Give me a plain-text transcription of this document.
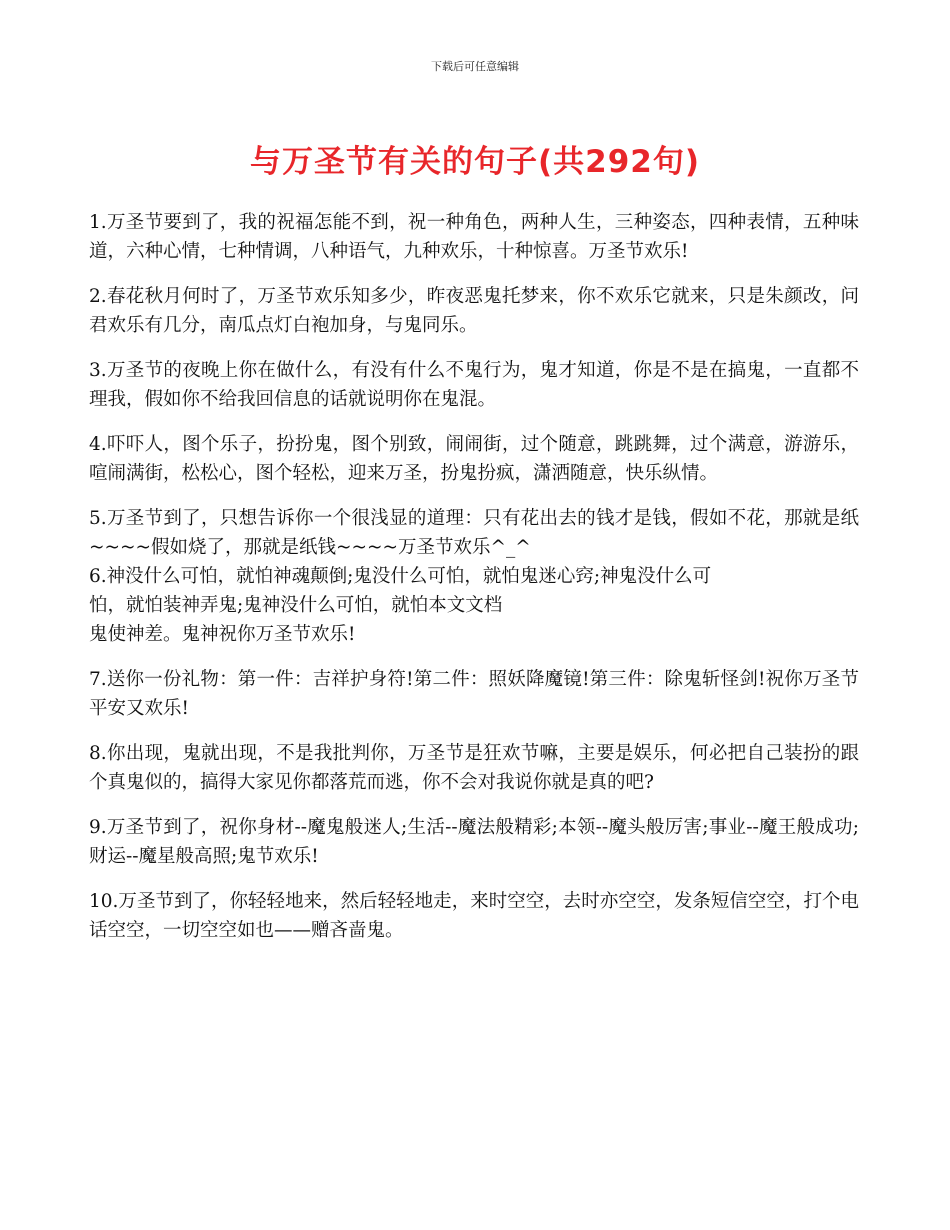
下载后可任意编辑
与万圣节有关的句子(共292句)

1.万圣节要到了，我的祝福怎能不到，祝一种角色，两种人生，三种姿态，四种表情，五种味道，六种心情，七种情调，八种语气，九种欢乐，十种惊喜。万圣节欢乐!

2.春花秋月何时了，万圣节欢乐知多少，昨夜恶鬼托梦来，你不欢乐它就来，只是朱颜改，问君欢乐有几分，南瓜点灯白袍加身，与鬼同乐。

3.万圣节的夜晚上你在做什么，有没有什么不鬼行为，鬼才知道，你是不是在搞鬼，一直都不理我，假如你不给我回信息的话就说明你在鬼混。

4.吓吓人，图个乐子，扮扮鬼，图个别致，闹闹街，过个随意，跳跳舞，过个满意，游游乐，喧闹满街，松松心，图个轻松，迎来万圣，扮鬼扮疯，潇洒随意，快乐纵情。

5.万圣节到了，只想告诉你一个很浅显的道理：只有花出去的钱才是钱，假如不花，那就是纸~~~~假如烧了，那就是纸钱~~~~万圣节欢乐^_^

6.神没什么可怕，就怕神魂颠倒;鬼没什么可怕，就怕鬼迷心窍;神鬼没什么可
怕，就怕装神弄鬼;鬼神没什么可怕，就怕本文文档
鬼使神差。鬼神祝你万圣节欢乐!

7.送你一份礼物：第一件：吉祥护身符!第二件：照妖降魔镜!第三件：除鬼斩怪剑!祝你万圣节平安又欢乐!

8.你出现，鬼就出现，不是我批判你，万圣节是狂欢节嘛，主要是娱乐，何必把自己装扮的跟个真鬼似的，搞得大家见你都落荒而逃，你不会对我说你就是真的吧?

9.万圣节到了，祝你身材--魔鬼般迷人;生活--魔法般精彩;本领--魔头般厉害;事业--魔王般成功;财运--魔星般高照;鬼节欢乐!

10.万圣节到了，你轻轻地来，然后轻轻地走，来时空空，去时亦空空，发条短信空空，打个电话空空，一切空空如也——赠吝啬鬼。
